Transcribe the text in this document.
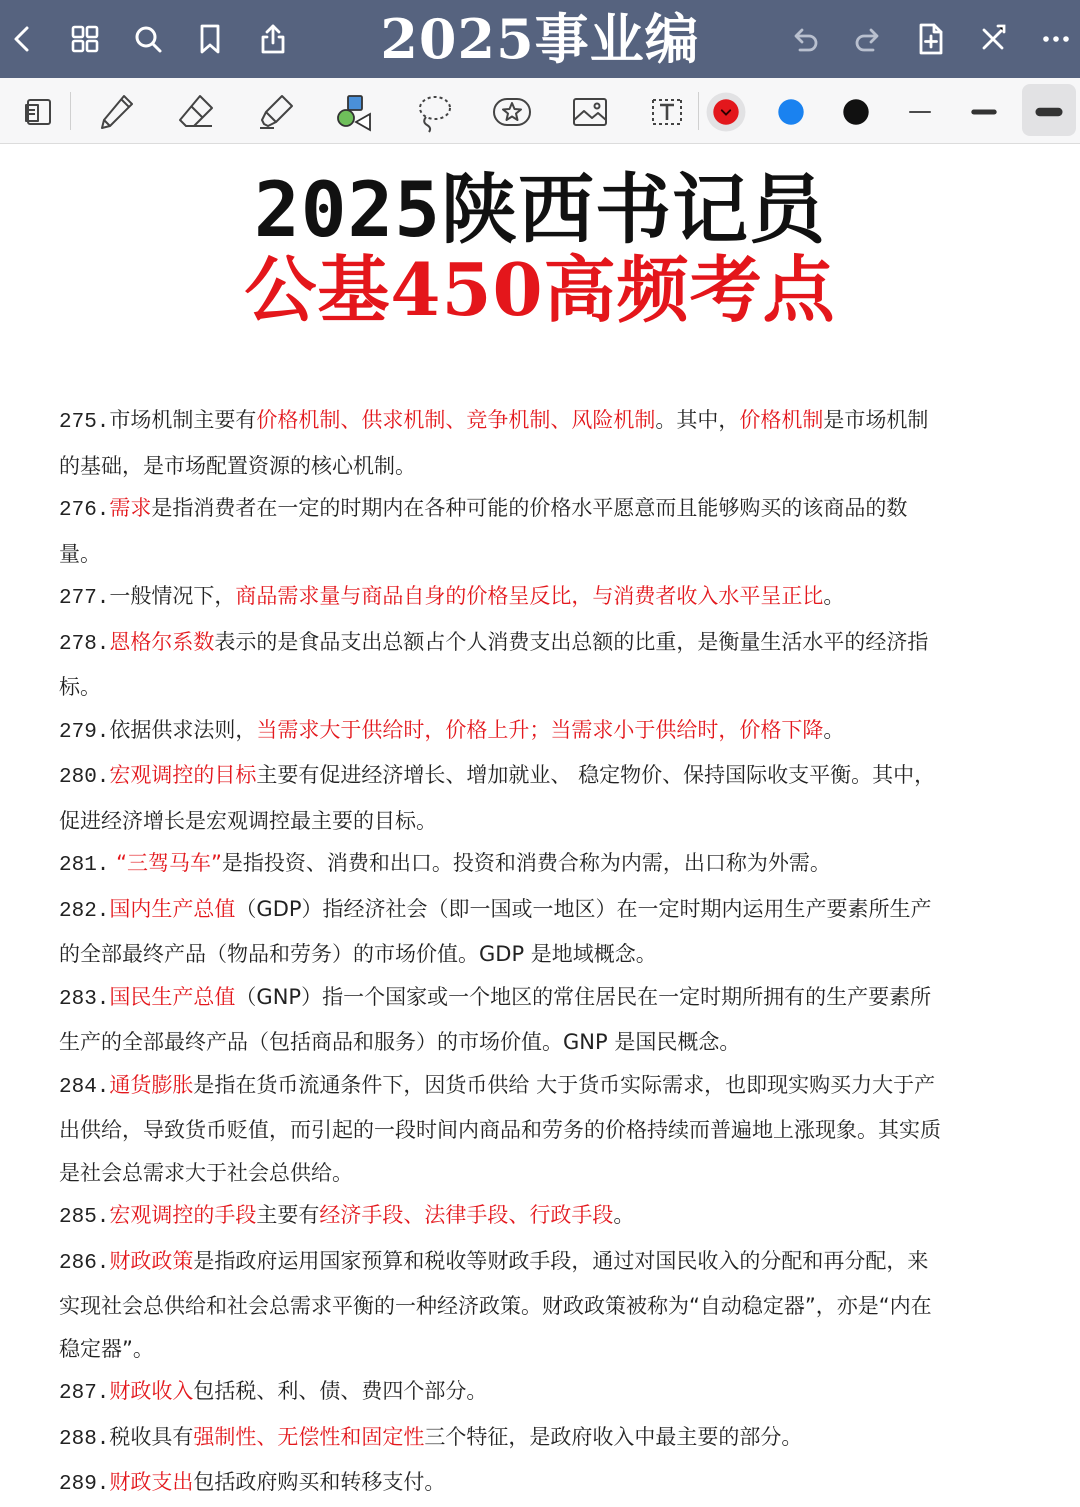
2025事业编
2025陕西书记员
公基450高频考点
275.市场机制主要有价格机制、供求机制、竞争机制、风险机制。其中，价格机制是市场机制的基础，是市场配置资源的核心机制。
276.需求是指消费者在一定的时期内在各种可能的价格水平愿意而且能够购买的该商品的数量。
277.一般情况下，商品需求量与商品自身的价格呈反比，与消费者收入水平呈正比。
278.恩格尔系数表示的是食品支出总额占个人消费支出总额的比重，是衡量生活水平的经济指标。
279.依据供求法则，当需求大于供给时，价格上升；当需求小于供给时，价格下降。
280.宏观调控的目标主要有促进经济增长、增加就业、 稳定物价、保持国际收支平衡。其中，促进经济增长是宏观调控最主要的目标。
281. “三驾马车”是指投资、消费和出口。投资和消费合称为内需，出口称为外需。
282.国内生产总值（GDP）指经济社会（即一国或一地区）在一定时期内运用生产要素所生产的全部最终产品（物品和劳务）的市场价值。GDP 是地域概念。
283.国民生产总值（GNP）指一个国家或一个地区的常住居民在一定时期所拥有的生产要素所生产的全部最终产品（包括商品和服务）的市场价值。GNP 是国民概念。
284.通货膨胀是指在货币流通条件下，因货币供给 大于货币实际需求，也即现实购买力大于产出供给，导致货币贬值，而引起的一段时间内商品和劳务的价格持续而普遍地上涨现象。其实质是社会总需求大于社会总供给。
285.宏观调控的手段主要有经济手段、法律手段、行政手段。
286.财政政策是指政府运用国家预算和税收等财政手段，通过对国民收入的分配和再分配，来实现社会总供给和社会总需求平衡的一种经济政策。财政政策被称为“自动稳定器”，亦是“内在稳定器”。
287.财政收入包括税、利、债、费四个部分。
288.税收具有强制性、无偿性和固定性三个特征，是政府收入中最主要的部分。
289.财政支出包括政府购买和转移支付。
